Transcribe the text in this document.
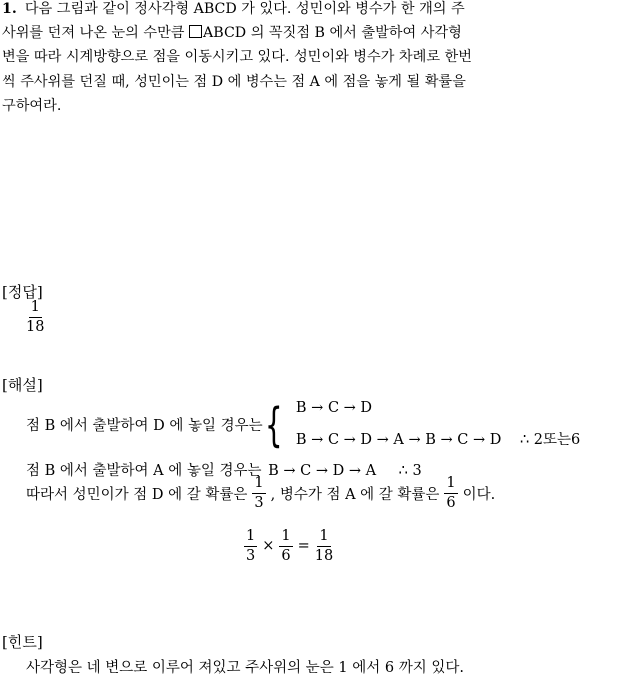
1. 다음 그림과 같이 정사각형 ABCD 가 있다. 성민이와 병수가 한 개의 주
사위를 던져 나온 눈의 수만큼 ABCD 의 꼭짓점 B 에서 출발하여 사각형
변을 따라 시계방향으로 점을 이동시키고 있다. 성민이와 병수가 차례로 한번
씩 주사위를 던질 때, 성민이는 점 D 에 병수는 점 A 에 점을 놓게 될 확률을
구하여라.
[정답]
$\frac{1}{18}$
[해설]
점 B 에서 출발하여 D 에 놓일 경우는 { B → C → D
B → C → D → A → B → C → D ∴ 2또는6
점 B 에서 출발하여 A 에 놓일 경우는 B → C → D → A ∴ 3
따라서 성민이가 점 D 에 갈 확률은 $\frac{1}{3}$ , 병수가 점 A 에 갈 확률은 $\frac{1}{6}$ 이다.
$\frac{1}{3} \times \frac{1}{6} = \frac{1}{18}$
[힌트]
사각형은 네 변으로 이루어 져있고 주사위의 눈은 1 에서 6 까지 있다.
